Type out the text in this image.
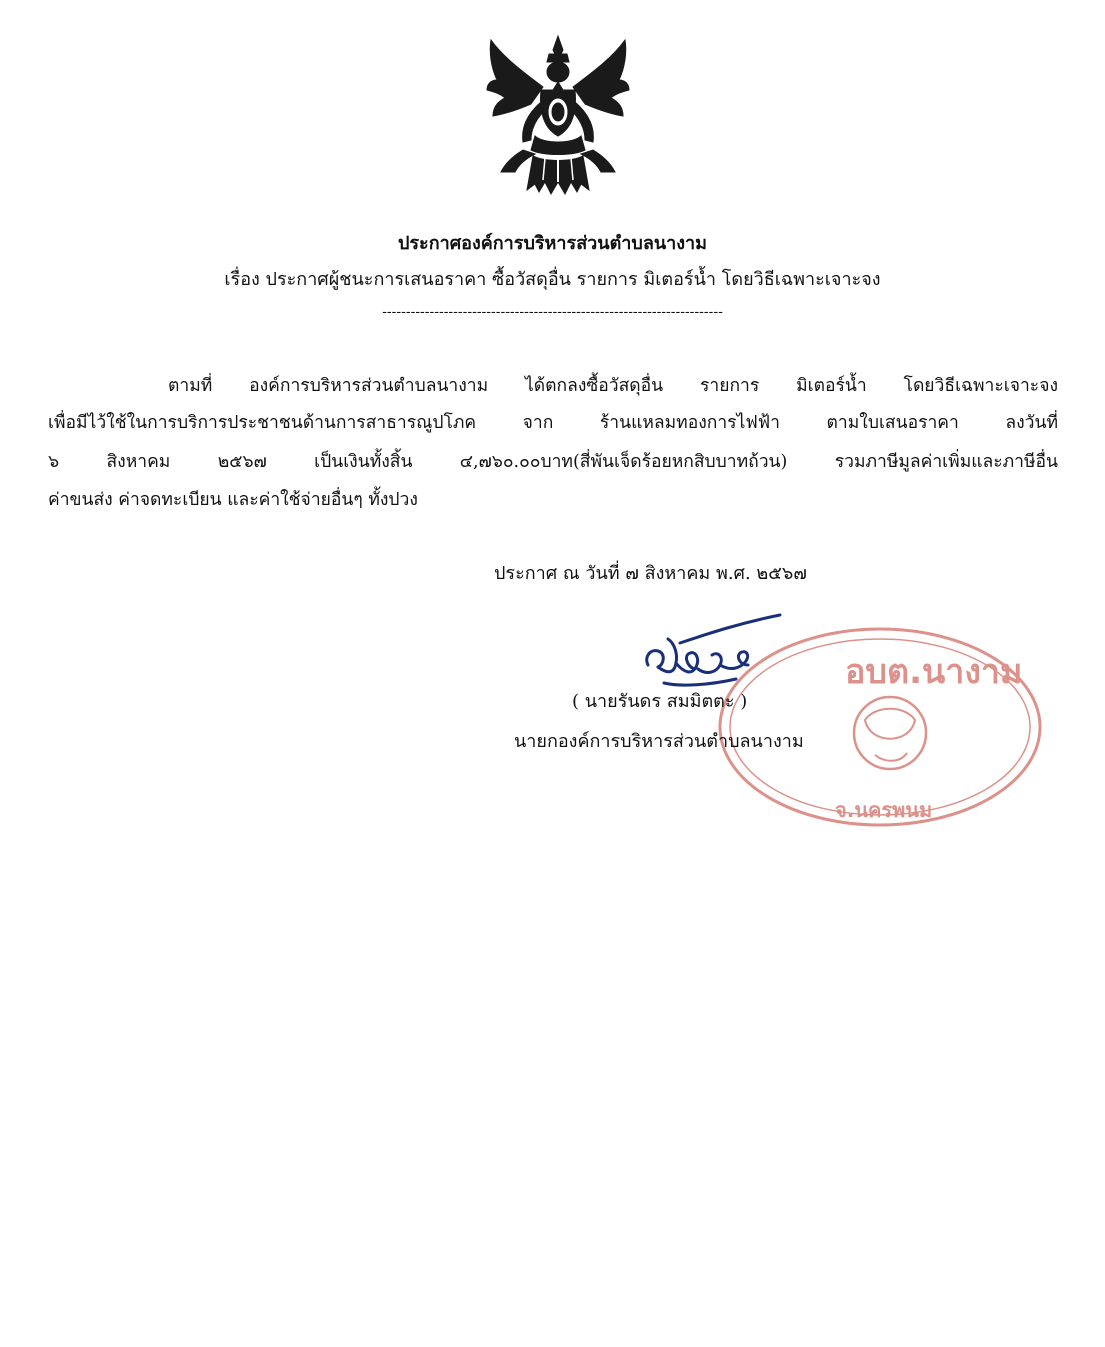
ประกาศองค์การบริหารส่วนตำบลนางาม
เรื่อง ประกาศผู้ชนะการเสนอราคา ซื้อวัสดุอื่น รายการ มิเตอร์น้ำ โดยวิธีเฉพาะเจาะจง
------------------------------------------------------------------------
ตามที่ องค์การบริหารส่วนตำบลนางาม ได้ตกลงซื้อวัสดุอื่น รายการ มิเตอร์น้ำ โดยวิธีเฉพาะเจาะจง
เพื่อมีไว้ใช้ในการบริการประชาชนด้านการสาธารณูปโภค จาก ร้านแหลมทองการไฟฟ้า ตามใบเสนอราคา ลงวันที่
๖ สิงหาคม ๒๕๖๗ เป็นเงินทั้งสิ้น ๔,๗๖๐.๐๐บาท(สี่พันเจ็ดร้อยหกสิบบาทถ้วน) รวมภาษีมูลค่าเพิ่มและภาษีอื่น
ค่าขนส่ง ค่าจดทะเบียน และค่าใช้จ่ายอื่นๆ ทั้งปวง
ประกาศ ณ วันที่ ๗ สิงหาคม พ.ศ. ๒๕๖๗
อบต.นางาม
จ.นครพนม
( นายรันดร สมมิตตะ )
นายกองค์การบริหารส่วนตำบลนางาม
